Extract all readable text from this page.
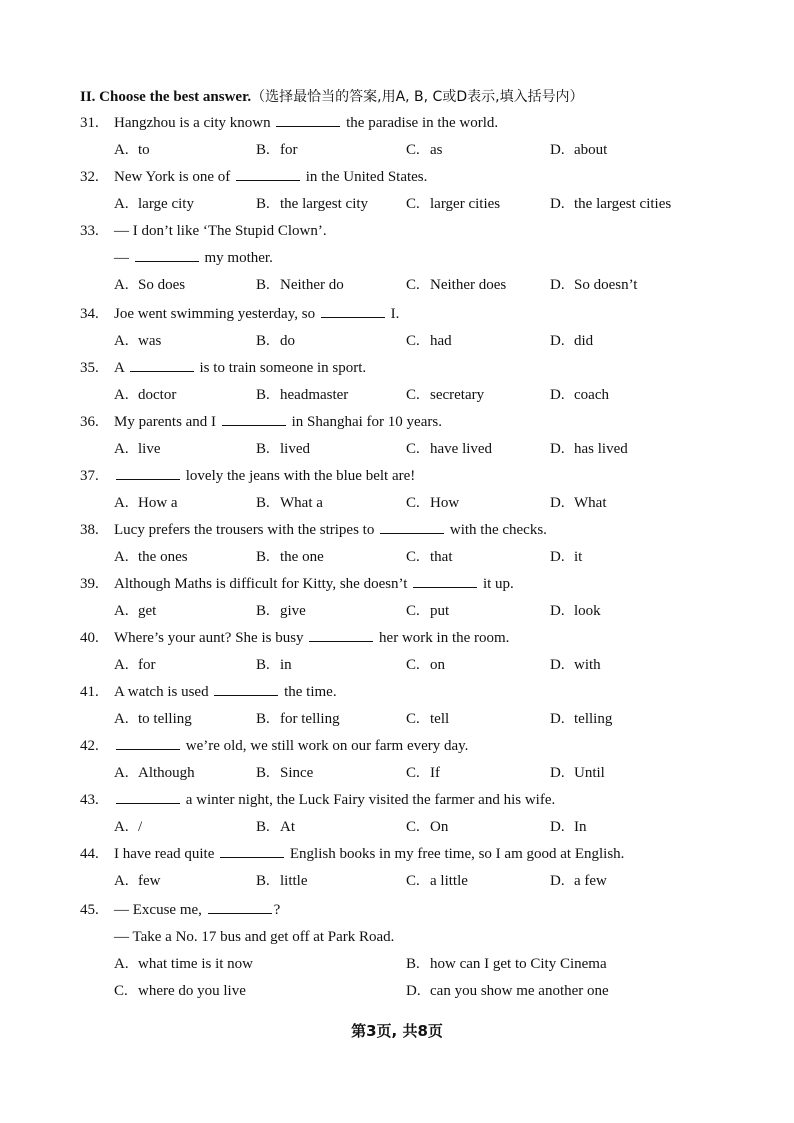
II. Choose the best answer.（选择最恰当的答案,用A, B, C或D表示,填入括号内）
31. Hangzhou is a city known	the paradise in the world.
A. to	B. for	C. as	D. about
32. New York is one of	in the United States.
A. large city	B. the largest city	C. larger cities	D. the largest cities
33. — I don’t like ‘The Stupid Clown’.
—	my mother.
A. So does	B. Neither do	C. Neither does	D. So doesn’t
34. Joe went swimming yesterday, so	I.
A. was	B. do	C. had	D. did
35. A	is to train someone in sport.
A. doctor	B. headmaster	C. secretary	D. coach
36. My parents and I	in Shanghai for 10 years.
A. live	B. lived	C. have lived	D. has lived
37.	lovely the jeans with the blue belt are!
A. How a	B. What a	C. How	D. What
38. Lucy prefers the trousers with the stripes to	with the checks.
A. the ones	B. the one	C. that	D. it
39. Although Maths is difficult for Kitty, she doesn’t	it up.
A. get	B. give	C. put	D. look
40. Where’s your aunt? She is busy	her work in the room.
A. for	B. in	C. on	D. with
41. A watch is used	the time.
A. to telling	B. for telling	C. tell	D. telling
42.	we’re old, we still work on our farm every day.
A. Although	B. Since	C. If	D. Until
43.	a winter night, the Luck Fairy visited the farmer and his wife.
A. /	B. At	C. On	D. In
44. I have read quite	English books in my free time, so I am good at English.
A. few	B. little	C. a little	D. a few
45. — Excuse me,	?
— Take a No. 17 bus and get off at Park Road.
A. what time is it now	B. how can I get to City Cinema
C. where do you live	D. can you show me another one
第3页, 共8页
